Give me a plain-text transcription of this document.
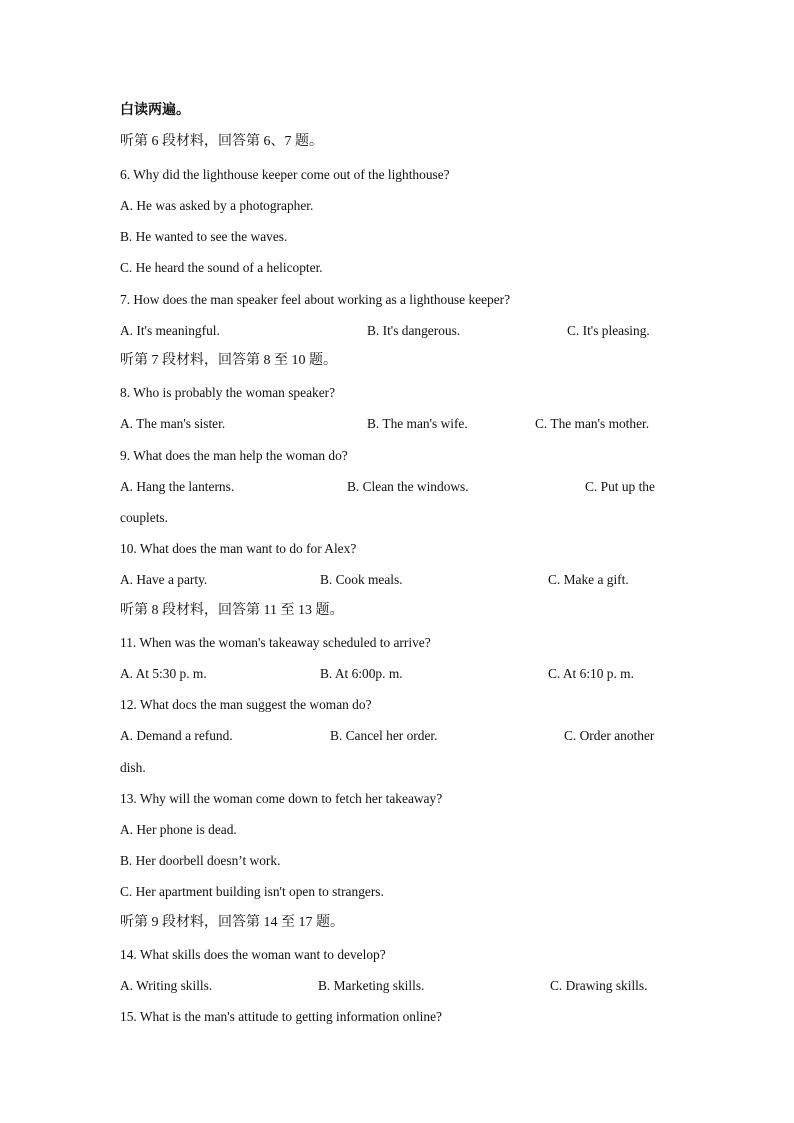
白读两遍。
听第 6 段材料，回答第 6、7 题。
6. Why did the lighthouse keeper come out of the lighthouse?
A. He was asked by a photographer.
B. He wanted to see the waves.
C. He heard the sound of a helicopter.
7. How does the man speaker feel about working as a lighthouse keeper?
A. It's meaningful.	B. It's dangerous.	C. It's pleasing.
听第 7 段材料，回答第 8 至 10 题。
8. Who is probably the woman speaker?
A. The man's sister.	B. The man's wife.	C. The man's mother.
9. What does the man help the woman do?
A. Hang the lanterns.	B. Clean the windows.	C. Put up the
couplets.
10. What does the man want to do for Alex?
A. Have a party.	B. Cook meals.	C. Make a gift.
听第 8 段材料，回答第 11 至 13 题。
11. When was the woman's takeaway scheduled to arrive?
A. At 5:30 p. m.	B. At 6:00p. m.	C. At 6:10 p. m.
12. What docs the man suggest the woman do?
A. Demand a refund.	B. Cancel her order.	C. Order another
dish.
13. Why will the woman come down to fetch her takeaway?
A. Her phone is dead.
B. Her doorbell doesn’t work.
C. Her apartment building isn't open to strangers.
听第 9 段材料，回答第 14 至 17 题。
14. What skills does the woman want to develop?
A. Writing skills.	B. Marketing skills.	C. Drawing skills.
15. What is the man's attitude to getting information online?
